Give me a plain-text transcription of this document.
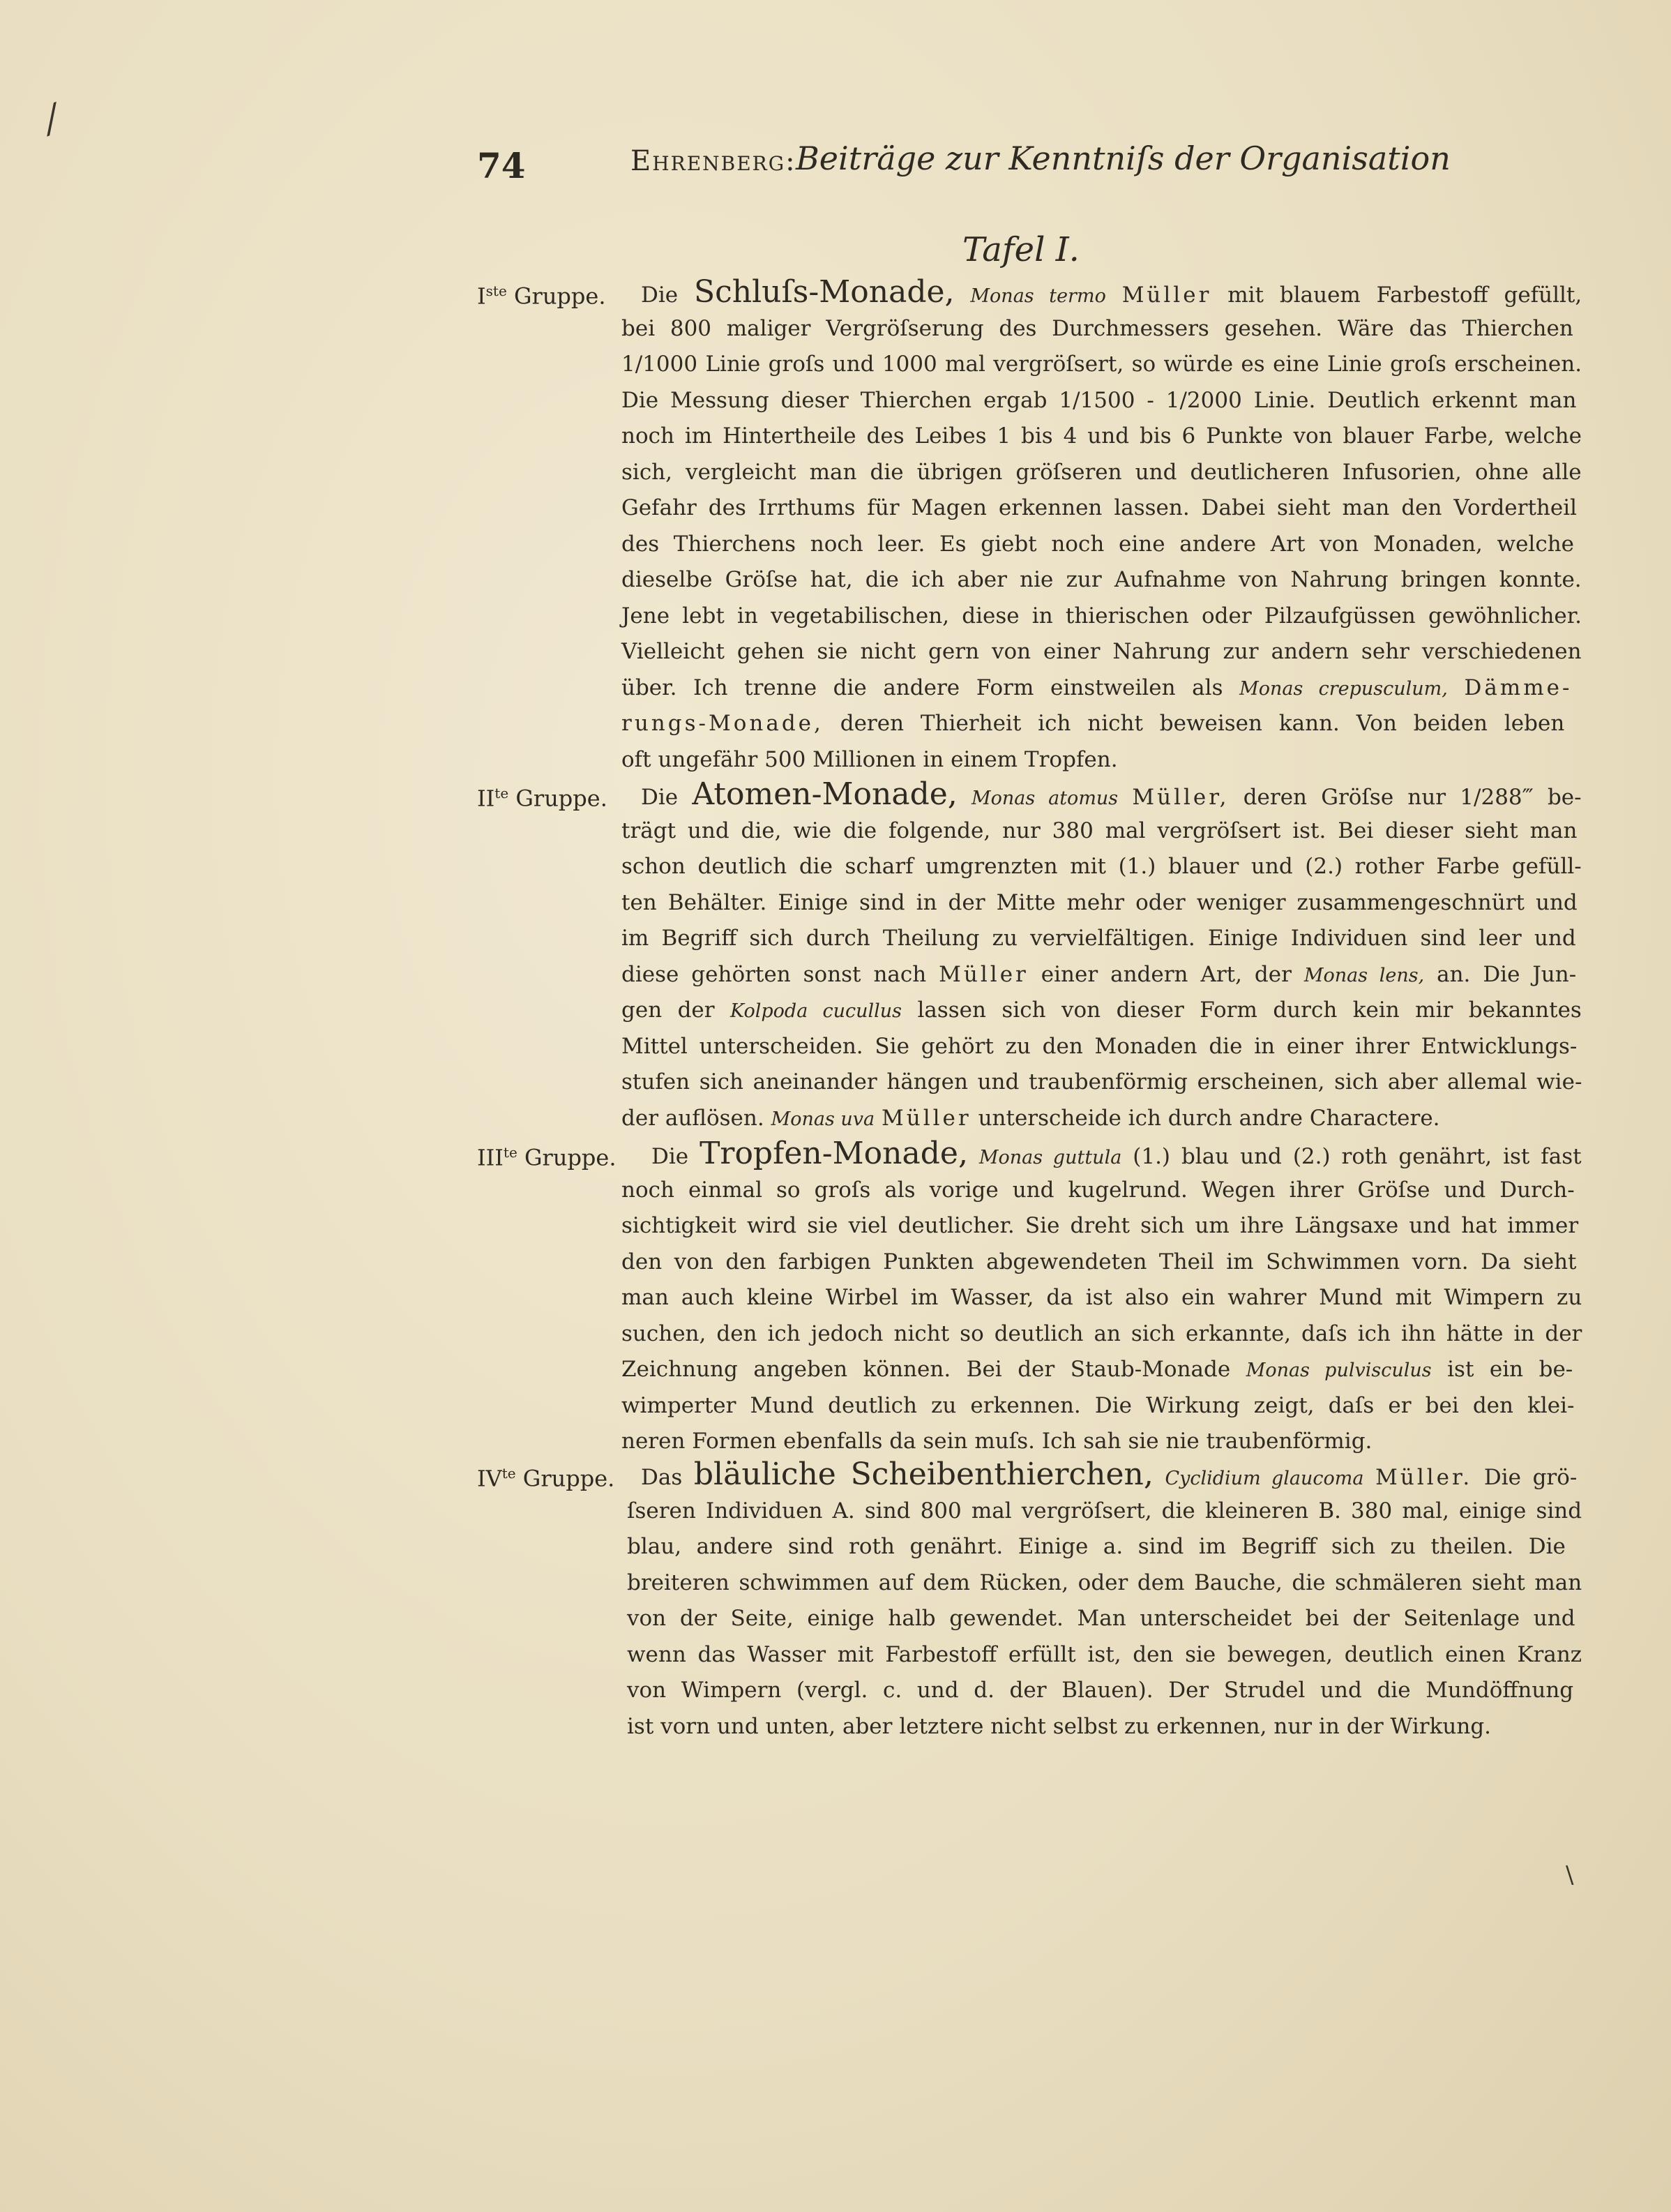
⁄
\
74	Ehrenberg: Beiträge zur Kenntniſs der Organisation
Tafel I.
Iste Gruppe. Die Schluſs-Monade, Monas termo Müller mit blauem Farbestoff gefüllt,
bei 800 maliger Vergröſserung des Durchmessers gesehen. Wäre das Thierchen
1/1000 Linie groſs und 1000 mal vergröſsert, so würde es eine Linie groſs erscheinen.
Die Messung dieser Thierchen ergab 1/1500 - 1/2000 Linie. Deutlich erkennt man
noch im Hintertheile des Leibes 1 bis 4 und bis 6 Punkte von blauer Farbe, welche
sich, vergleicht man die übrigen gröſseren und deutlicheren Infusorien, ohne alle
Gefahr des Irrthums für Magen erkennen lassen. Dabei sieht man den Vordertheil
des Thierchens noch leer. Es giebt noch eine andere Art von Monaden, welche
dieselbe Gröſse hat, die ich aber nie zur Aufnahme von Nahrung bringen konnte.
Jene lebt in vegetabilischen, diese in thierischen oder Pilzaufgüssen gewöhnlicher.
Vielleicht gehen sie nicht gern von einer Nahrung zur andern sehr verschiedenen
über. Ich trenne die andere Form einstweilen als Monas crepusculum, Dämme-
rungs-Monade, deren Thierheit ich nicht beweisen kann. Von beiden leben
oft ungefähr 500 Millionen in einem Tropfen.
$II^{te}$ Gruppe. Die Atomen-Monade, Monas atomus Müller, deren Gröſse nur 1/288‴ be-
trägt und die, wie die folgende, nur 380 mal vergröſsert ist. Bei dieser sieht man
schon deutlich die scharf umgrenzten mit (1.) blauer und (2.) rother Farbe gefüll-
ten Behälter. Einige sind in der Mitte mehr oder weniger zusammengeschnürt und
im Begriff sich durch Theilung zu vervielfältigen. Einige Individuen sind leer und
diese gehörten sonst nach Müller einer andern Art, der Monas lens, an. Die Jun-
gen der Kolpoda cucullus lassen sich von dieser Form durch kein mir bekanntes
Mittel unterscheiden. Sie gehört zu den Monaden die in einer ihrer Entwicklungs-
stufen sich aneinander hängen und traubenförmig erscheinen, sich aber allemal wie-
der auflösen. Monas uva Müller unterscheide ich durch andre Charactere.
$III^{te}$ Gruppe. Die Tropfen-Monade, Monas guttula (1.) blau und (2.) roth genährt, ist fast
noch einmal so groſs als vorige und kugelrund. Wegen ihrer Gröſse und Durch-
sichtigkeit wird sie viel deutlicher. Sie dreht sich um ihre Längsaxe und hat immer
den von den farbigen Punkten abgewendeten Theil im Schwimmen vorn. Da sieht
man auch kleine Wirbel im Wasser, da ist also ein wahrer Mund mit Wimpern zu
suchen, den ich jedoch nicht so deutlich an sich erkannte, daſs ich ihn hätte in der
Zeichnung angeben können. Bei der Staub-Monade Monas pulvisculus ist ein be-
wimperter Mund deutlich zu erkennen. Die Wirkung zeigt, daſs er bei den klei-
neren Formen ebenfalls da sein muſs. Ich sah sie nie traubenförmig.
$IV^{te}$ Gruppe. Das bläuliche Scheibenthierchen, Cyclidium glaucoma Müller. Die grö-
ſseren Individuen A. sind 800 mal vergröſsert, die kleineren B. 380 mal, einige sind
blau, andere sind roth genährt. Einige a. sind im Begriff sich zu theilen. Die
breiteren schwimmen auf dem Rücken, oder dem Bauche, die schmäleren sieht man
von der Seite, einige halb gewendet. Man unterscheidet bei der Seitenlage und
wenn das Wasser mit Farbestoff erfüllt ist, den sie bewegen, deutlich einen Kranz
von Wimpern (vergl. c. und d. der Blauen). Der Strudel und die Mundöffnung
ist vorn und unten, aber letztere nicht selbst zu erkennen, nur in der Wirkung.
